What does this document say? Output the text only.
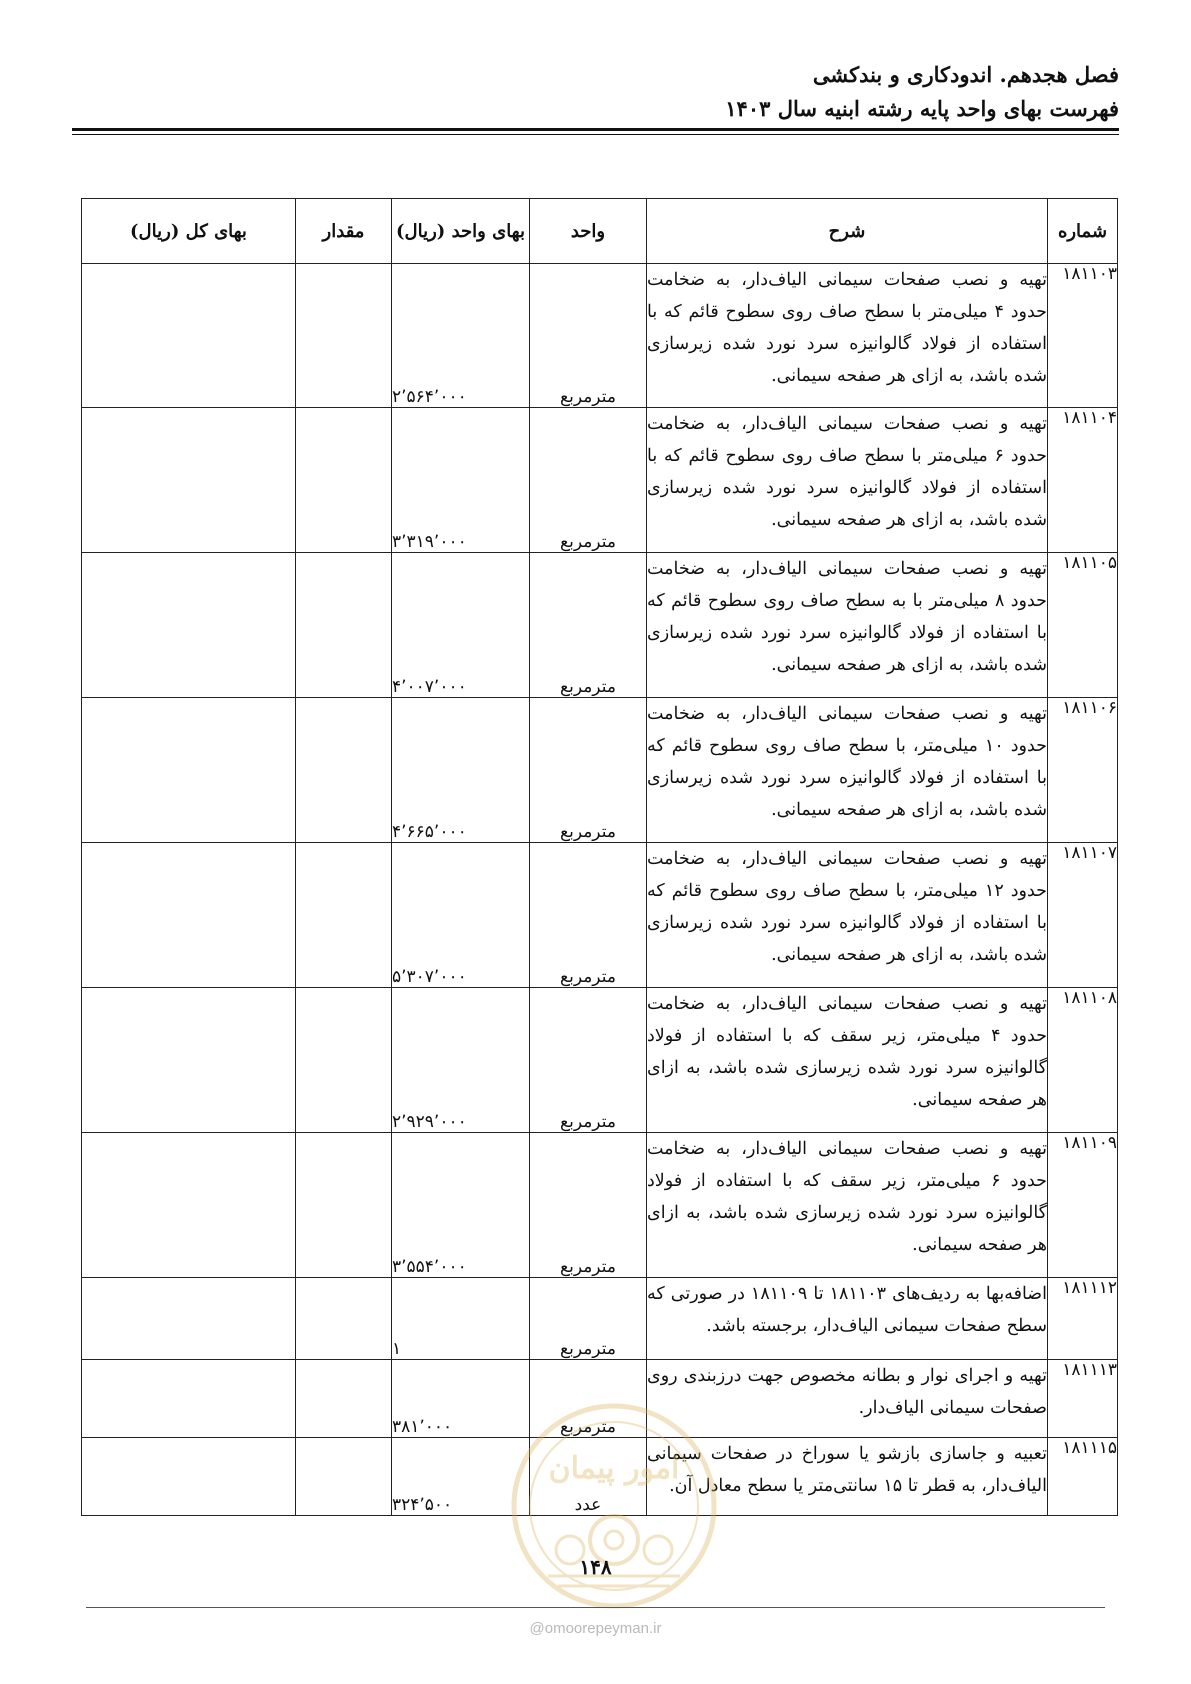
فصل هجدهم. اندودکاری و بندکشی
فهرست بهای واحد پایه رشته ابنیه سال ۱۴۰۳
شماره	شرح	واحد	بهای واحد (ریال)	مقدار	بهای کل (ریال)
۱۸۱۱۰۳	تهیه و نصب صفحات سیمانی الیاف‌دار، به ضخامت حدود ۴ میلی‌متر با سطح صاف روی سطوح قائم که با استفاده از فولاد گالوانیزه سرد نورد شده زیرسازی شده باشد، به ازای هر صفحه سیمانی.	مترمربع	۲٬۵۶۴٬۰۰۰		
۱۸۱۱۰۴	تهیه و نصب صفحات سیمانی الیاف‌دار، به ضخامت حدود ۶ میلی‌متر با سطح صاف روی سطوح قائم که با استفاده از فولاد گالوانیزه سرد نورد شده زیرسازی شده باشد، به ازای هر صفحه سیمانی.	مترمربع	۳٬۳۱۹٬۰۰۰		
۱۸۱۱۰۵	تهیه و نصب صفحات سیمانی الیاف‌دار، به ضخامت حدود ۸ میلی‌متر با به سطح صاف روی سطوح قائم که با استفاده از فولاد گالوانیزه سرد نورد شده زیرسازی شده باشد، به ازای هر صفحه سیمانی.	مترمربع	۴٬۰۰۷٬۰۰۰		
۱۸۱۱۰۶	تهیه و نصب صفحات سیمانی الیاف‌دار، به ضخامت حدود ۱۰ میلی‌متر، با سطح صاف روی سطوح قائم که با استفاده از فولاد گالوانیزه سرد نورد شده زیرسازی شده باشد، به ازای هر صفحه سیمانی.	مترمربع	۴٬۶۶۵٬۰۰۰		
۱۸۱۱۰۷	تهیه و نصب صفحات سیمانی الیاف‌دار، به ضخامت حدود ۱۲ میلی‌متر، با سطح صاف روی سطوح قائم که با استفاده از فولاد گالوانیزه سرد نورد شده زیرسازی شده باشد، به ازای هر صفحه سیمانی.	مترمربع	۵٬۳۰۷٬۰۰۰		
۱۸۱۱۰۸	تهیه و نصب صفحات سیمانی الیاف‌دار، به ضخامت حدود ۴ میلی‌متر، زیر سقف که با استفاده از فولاد گالوانیزه سرد نورد شده زیرسازی شده باشد، به ازای هر صفحه سیمانی.	مترمربع	۲٬۹۲۹٬۰۰۰		
۱۸۱۱۰۹	تهیه و نصب صفحات سیمانی الیاف‌دار، به ضخامت حدود ۶ میلی‌متر، زیر سقف که با استفاده از فولاد گالوانیزه سرد نورد شده زیرسازی شده باشد، به ازای هر صفحه سیمانی.	مترمربع	۳٬۵۵۴٬۰۰۰		
۱۸۱۱۱۲	اضافه‌بها به ردیف‌های ۱۸۱۱۰۳ تا ۱۸۱۱۰۹ در صورتی که سطح صفحات سیمانی الیاف‌دار، برجسته باشد.	مترمربع	۱		
۱۸۱۱۱۳	تهیه و اجرای نوار و بطانه مخصوص جهت درزبندی روی صفحات سیمانی الیاف‌دار.	مترمربع	۳۸۱٬۰۰۰		
۱۸۱۱۱۵	تعبیه و جاسازی بازشو یا سوراخ در صفحات سیمانی الیاف‌دار، به قطر تا ۱۵ سانتی‌متر یا سطح معادل آن.	عدد	۳۲۴٬۵۰۰		
امور پیمان
۱۴۸
@omoorepeyman.ir
